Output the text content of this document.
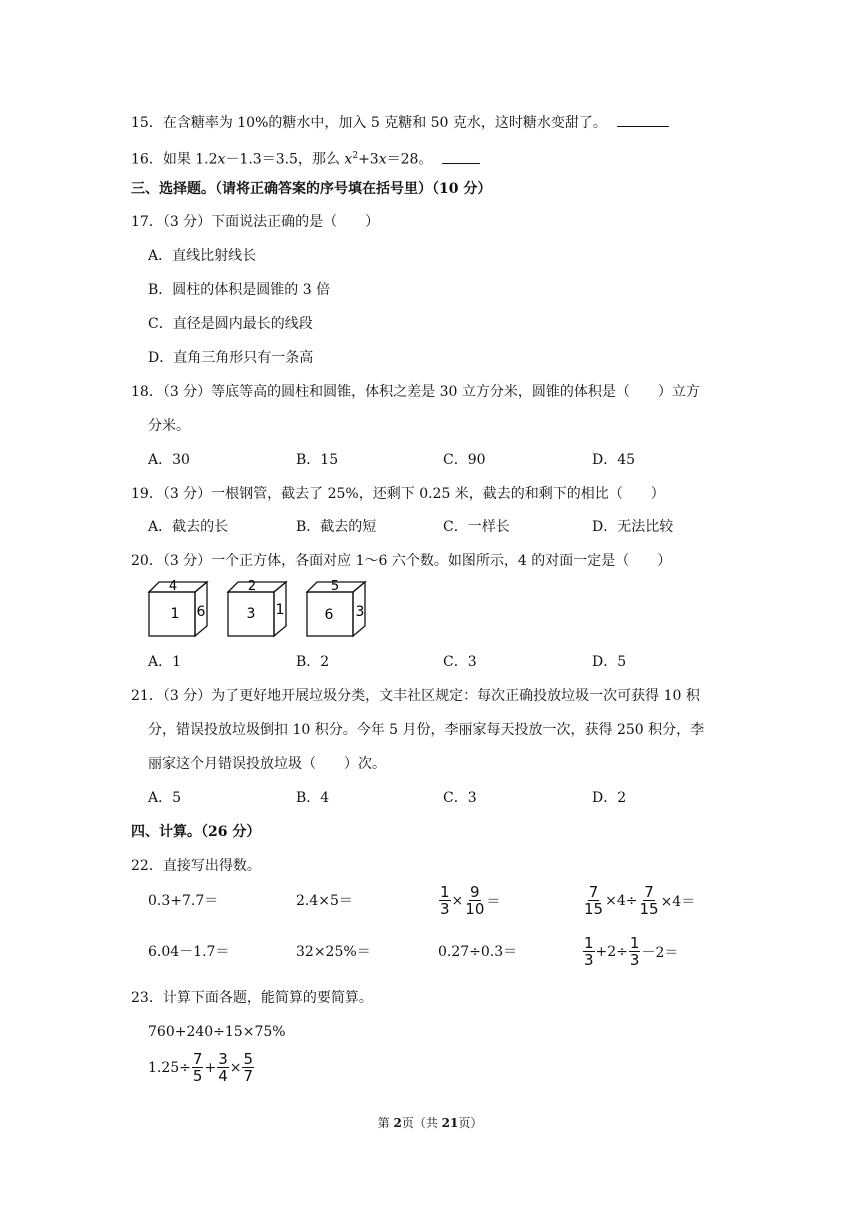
15．在含糖率为 10%的糖水中，加入 5 克糖和 50 克水，这时糖水变甜了。
16．如果 1.2x－1.3＝3.5，那么 $x^2+3x=28$。
三、选择题。（请将正确答案的序号填在括号里）（10 分）
17．（3 分）下面说法正确的是（　　）
A．直线比射线长
B．圆柱的体积是圆锥的 3 倍
C．直径是圆内最长的线段
D．直角三角形只有一条高
18．（3 分）等底等高的圆柱和圆锥，体积之差是 30 立方分米，圆锥的体积是（　　）立方
分米。
A．30	B．15	C．90	D．45
19．（3 分）一根钢管，截去了 25%，还剩下 0.25 米，截去的和剩下的相比（　　）
A．截去的长	B．截去的短	C．一样长	D．无法比较
20．（3 分）一个正方体，各面对应 1～6 六个数。如图所示，4 的对面一定是（　　）
4
1 6
2
3 1
5
6 3
A．1	B．2	C．3	D．5
21．（3 分）为了更好地开展垃圾分类，文丰社区规定：每次正确投放垃圾一次可获得 10 积
分，错误投放垃圾倒扣 10 积分。今年 5 月份，李丽家每天投放一次，获得 250 积分，李
丽家这个月错误投放垃圾（　　）次。
A．5	B．4	C．3	D．2
四、计算。（26 分）
22．直接写出得数。
0.3+7.7＝	2.4×5＝	$\frac{1}{3} \times \frac{9}{10}$ ＝	$\frac{7}{15} \times 4\div \frac{7}{15} \times 4=$
6.04－1.7＝	32×25%＝	0.27÷0.3＝	$\frac{1}{3} +2\div \frac{1}{3} -2=$
23．计算下面各题，能简算的要简算。
760+240÷15×75%
$1.25\div \frac{7}{5} + \frac{3}{4} \times \frac{5}{7}$
第 2页（共 21页）
